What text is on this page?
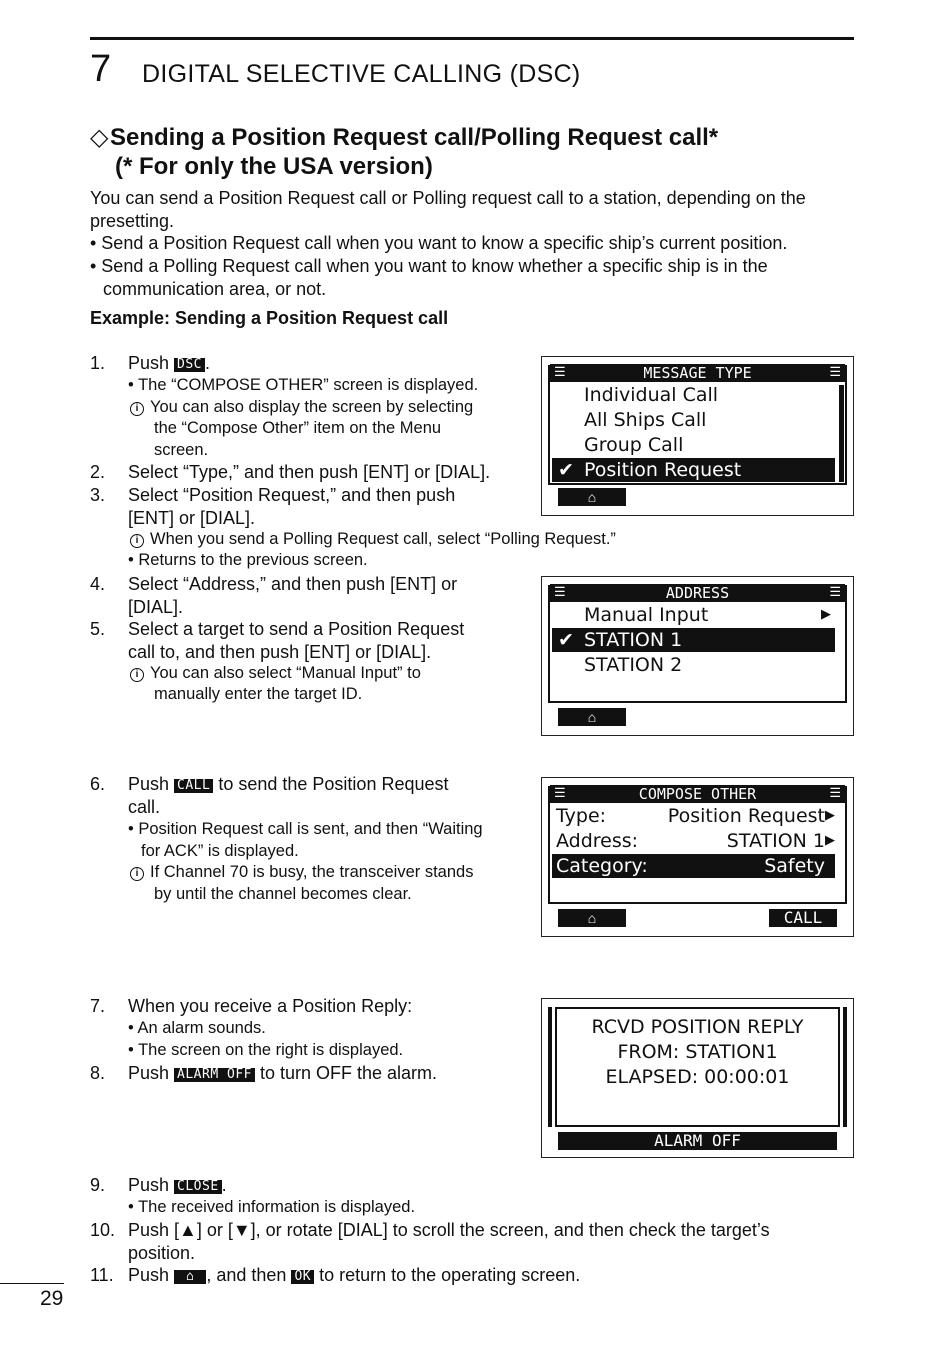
7 DIGITAL SELECTIVE CALLING (DSC)
◇Sending a Position Request call/Polling Request call*
(* For only the USA version)
You can send a Position Request call or Polling request call to a station, depending on the presetting.
• Send a Position Request call when you want to know a specific ship’s current position.
• Send a Polling Request call when you want to know whether a specific ship is in the
communication area, or not.
Example: Sending a Position Request call
1. Push DSC .
• The “COMPOSE OTHER” screen is displayed.
i You can also display the screen by selecting
the “Compose Other” item on the Menu
screen.
2. Select “Type,” and then push [ENT] or [DIAL].
3. Select “Position Request,” and then push
[ENT] or [DIAL].
i When you send a Polling Request call, select “Polling Request.”
• Returns to the previous screen.
4. Select “Address,” and then push [ENT] or
[DIAL].
5. Select a target to send a Position Request
call to, and then push [ENT] or [DIAL].
i You can also select “Manual Input” to
manually enter the target ID.
6. Push CALL to send the Position Request
call.
• Position Request call is sent, and then “Waiting
for ACK” is displayed.
i If Channel 70 is busy, the transceiver stands
by until the channel becomes clear.
7. When you receive a Position Reply:
• An alarm sounds.
• The screen on the right is displayed.
8. Push ALARM OFF to turn OFF the alarm.
9. Push CLOSE .
• The received information is displayed.
10. Push [▲] or [▼], or rotate [DIAL] to scroll the screen, and then check the target’s
position.
11. Push ⌂ , and then OK to return to the operating screen.
☰	MESSAGE TYPE	☰
Individual Call
All Ships Call
Group Call
✔ Position Request
⌂
☰	ADDRESS	☰
Manual Input	▶
✔ STATION 1
STATION 2
⌂
☰	COMPOSE OTHER	☰
Type:	Position Request ▶
Address:	STATION 1 ▶
Category:	Safety
⌂	CALL
RCVD POSITION REPLY
FROM: STATION1
ELAPSED: 00:00:01
ALARM OFF
29
